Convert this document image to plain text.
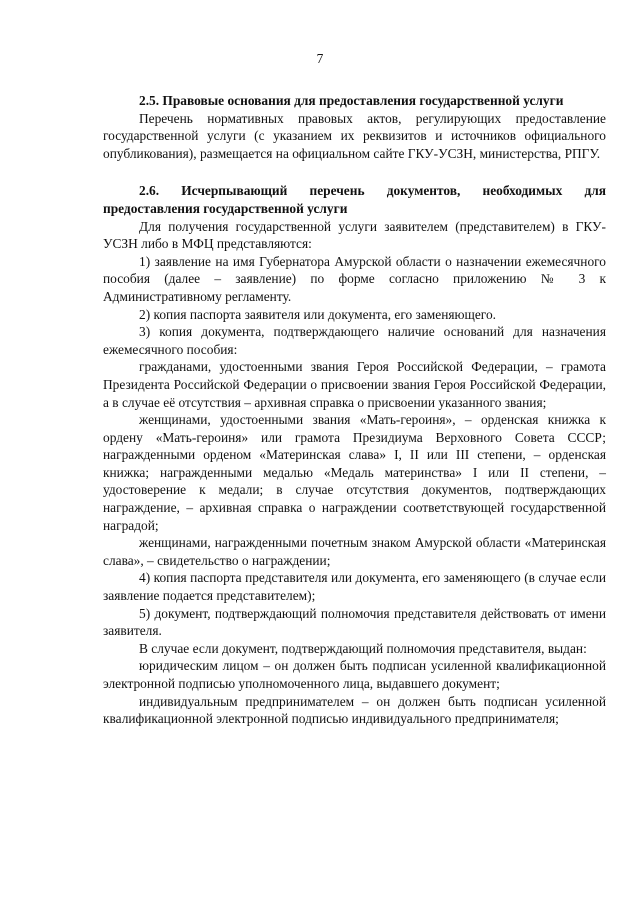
7

2.5. Правовые основания для предоставления государственной услуги

Перечень нормативных правовых актов, регулирующих предоставление государственной услуги (с указанием их реквизитов и источников официального опубликования), размещается на официальном сайте ГКУ-УСЗН, министерства, РПГУ.

2.6. Исчерпывающий перечень документов, необходимых для предоставления государственной услуги

Для получения государственной услуги заявителем (представителем) в ГКУ-УСЗН либо в МФЦ представляются:

1) заявление на имя Губернатора Амурской области о назначении ежемесячного пособия (далее – заявление) по форме согласно приложению № 3 к Административному регламенту.

2) копия паспорта заявителя или документа, его заменяющего.

3) копия документа, подтверждающего наличие оснований для назначения ежемесячного пособия:

гражданами, удостоенными звания Героя Российской Федерации, – грамота Президента Российской Федерации о присвоении звания Героя Российской Федерации, а в случае её отсутствия – архивная справка о присвоении указанного звания;

женщинами, удостоенными звания «Мать-героиня», – орденская книжка к ордену «Мать-героиня» или грамота Президиума Верховного Совета СССР; награжденными орденом «Материнская слава» I, II или III степени, – орденская книжка; награжденными медалью «Медаль материнства» I или II степени, – удостоверение к медали; в случае отсутствия документов, подтверждающих награждение, – архивная справка о награждении соответствующей государственной наградой;

женщинами, награжденными почетным знаком Амурской области «Материнская слава», – свидетельство о награждении;

4) копия паспорта представителя или документа, его заменяющего (в случае если заявление подается представителем);

5) документ, подтверждающий полномочия представителя действовать от имени заявителя.

В случае если документ, подтверждающий полномочия представителя, выдан:

юридическим лицом – он должен быть подписан усиленной квалификационной электронной подписью уполномоченного лица, выдавшего документ;

индивидуальным предпринимателем – он должен быть подписан усиленной квалификационной электронной подписью индивидуального предпринимателя;
